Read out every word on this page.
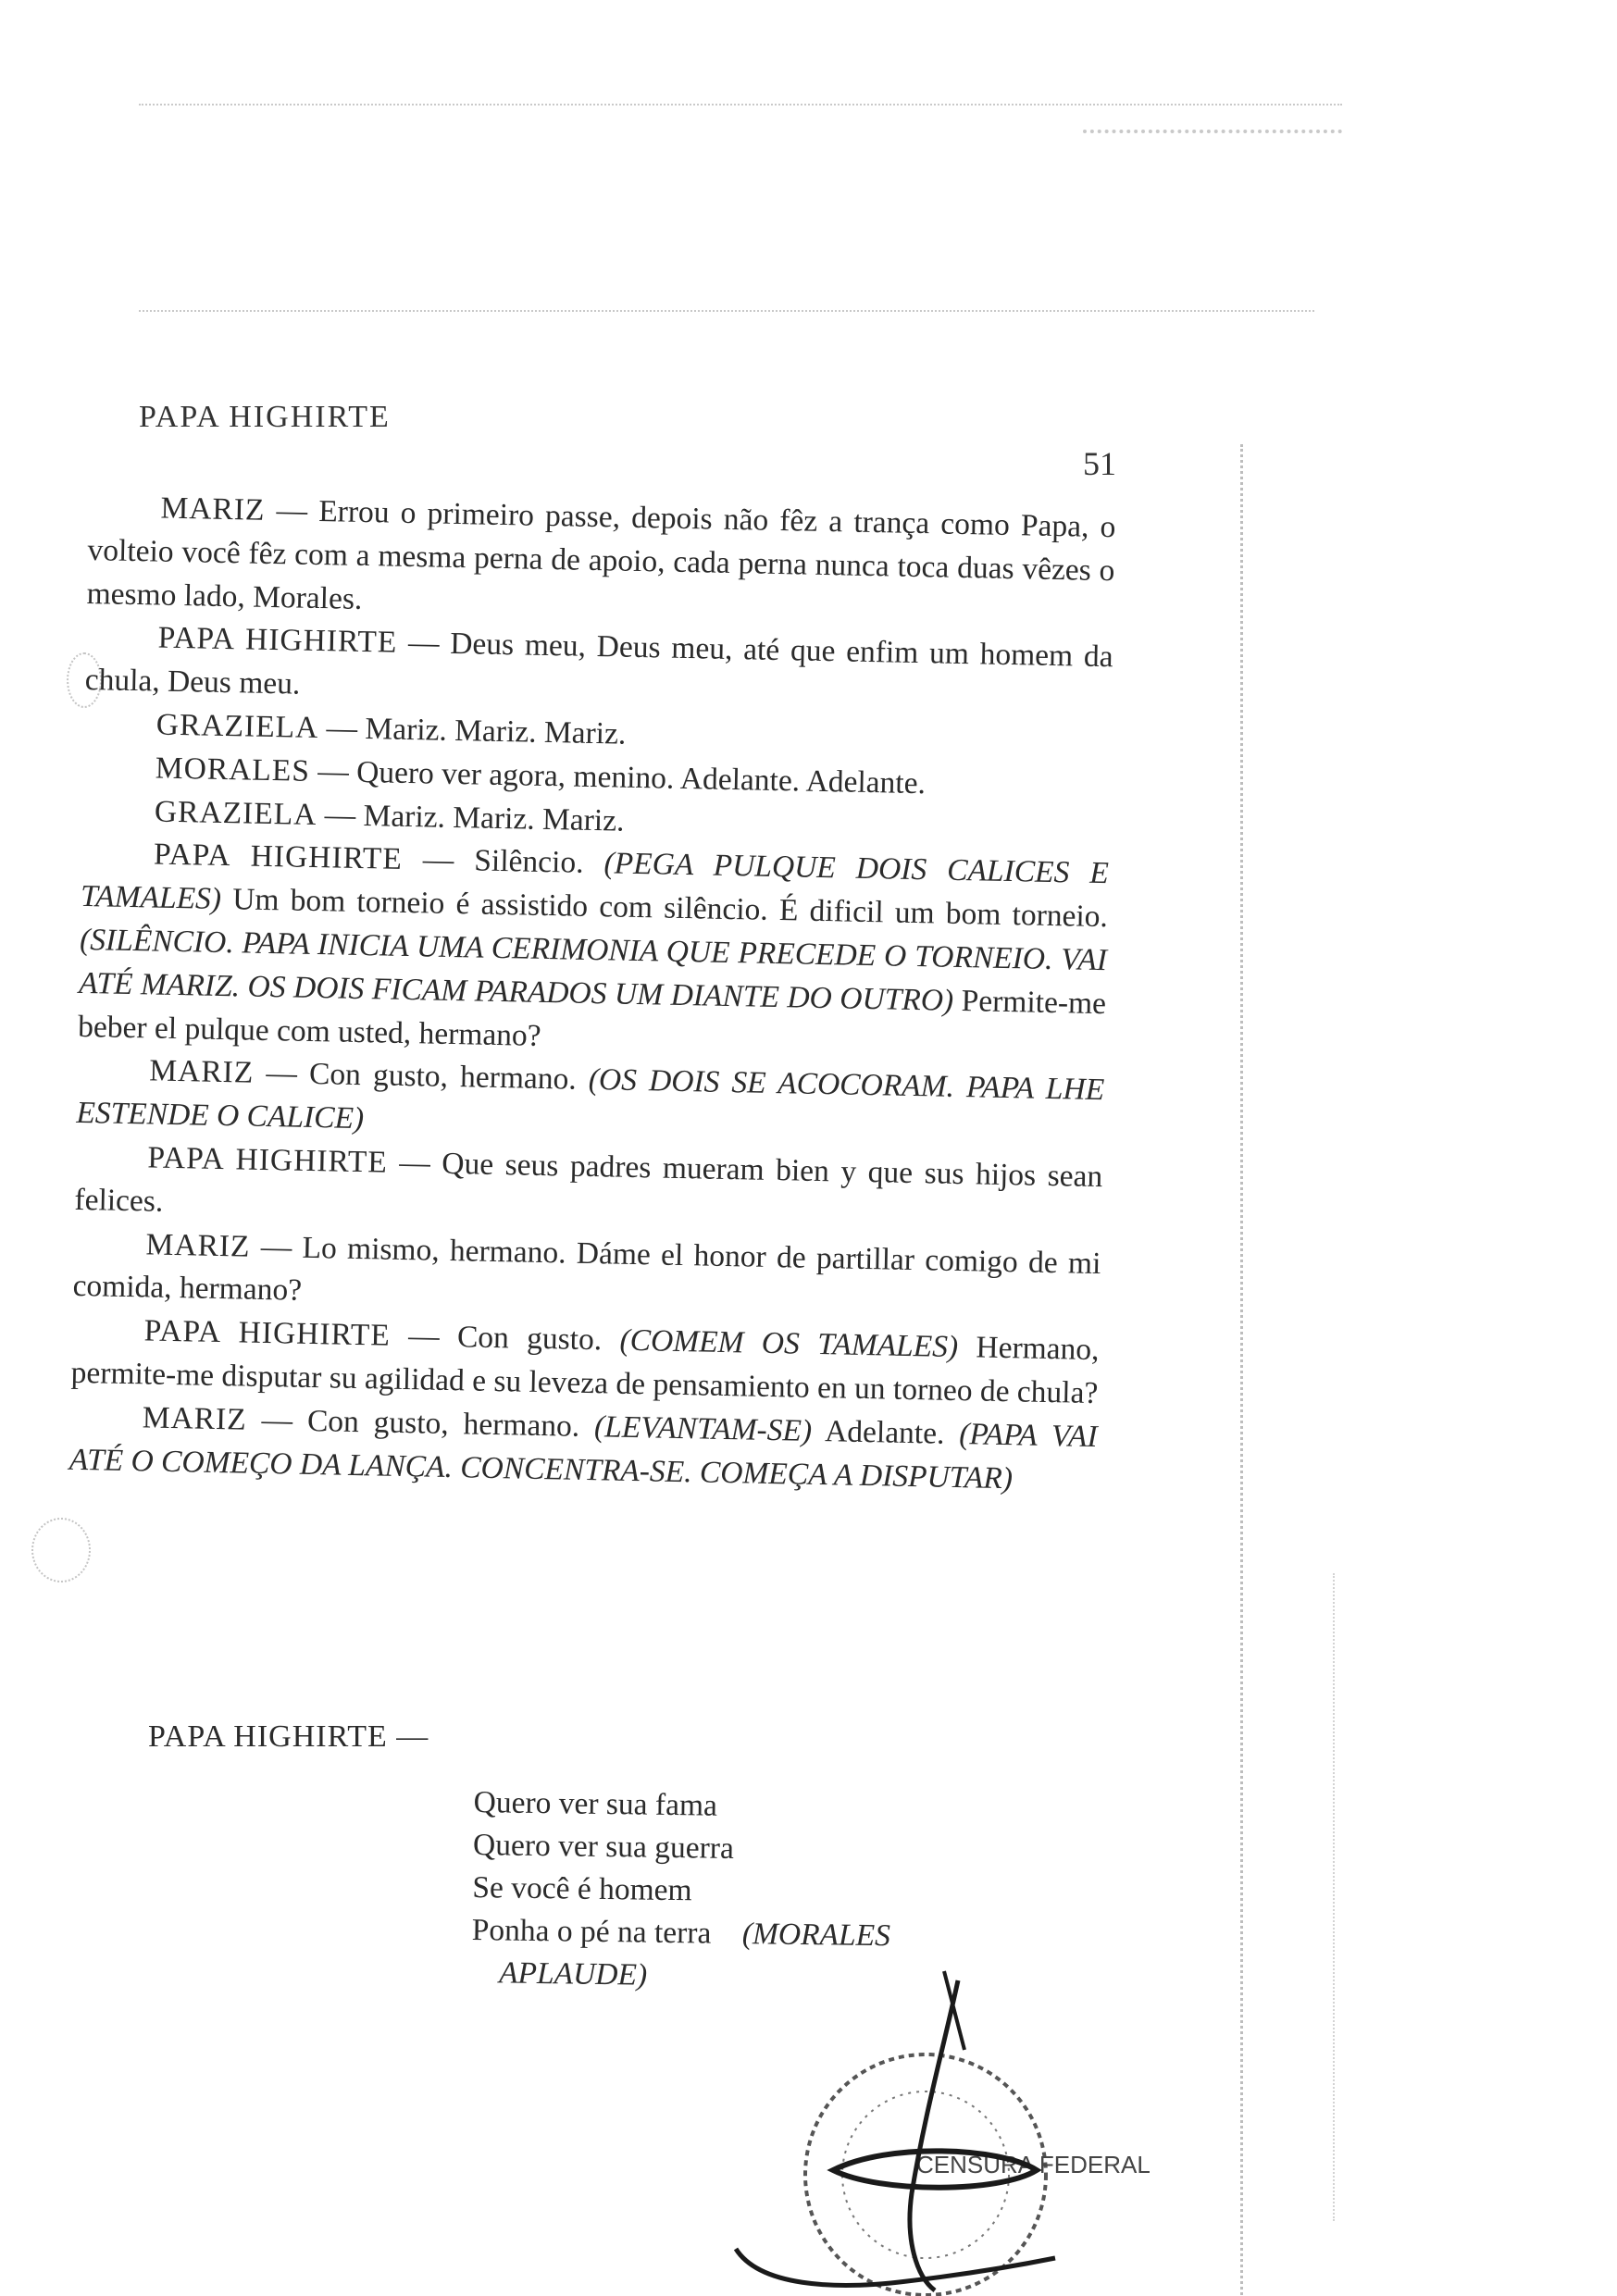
PAPA HIGHIRTE
51

MARIZ — Errou o primeiro passe, depois não fêz a trança como Papa, o volteio você fêz com a mesma perna de apoio, cada perna nunca toca duas vêzes o mesmo lado, Morales.

PAPA HIGHIRTE — Deus meu, Deus meu, até que enfim um homem da chula, Deus meu.

GRAZIELA — Mariz. Mariz. Mariz.

MORALES — Quero ver agora, menino. Adelante. Adelante.

GRAZIELA — Mariz. Mariz. Mariz.

PAPA HIGHIRTE — Silêncio. (PEGA PULQUE DOIS CALICES E TAMALES) Um bom torneio é assistido com silêncio. É dificil um bom torneio. (SILÊNCIO. PAPA INICIA UMA CERIMONIA QUE PRECEDE O TORNEIO. VAI ATÉ MARIZ. OS DOIS FICAM PARADOS UM DIANTE DO OUTRO) Permite-me beber el pulque com usted, hermano?

MARIZ — Con gusto, hermano. (OS DOIS SE ACOCORAM. PAPA LHE ESTENDE O CALICE)

PAPA HIGHIRTE — Que seus padres mueram bien y que sus hijos sean felices.

MARIZ — Lo mismo, hermano. Dáme el honor de partillar comigo de mi comida, hermano?

PAPA HIGHIRTE — Con gusto. (COMEM OS TAMALES) Hermano, permite-me disputar su agilidad e su leveza de pensamiento en un torneo de chula?

MARIZ — Con gusto, hermano. (LEVANTAM-SE) Adelante. (PAPA VAI ATÉ O COMEÇO DA LANÇA. CONCENTRA-SE. COMEÇA A DISPUTAR)

PAPA HIGHIRTE —
Quero ver sua fama
Quero ver sua guerra
Se você é homem
Ponha o pé na terra (MORALES
APLAUDE)
CENSURA FEDERAL
